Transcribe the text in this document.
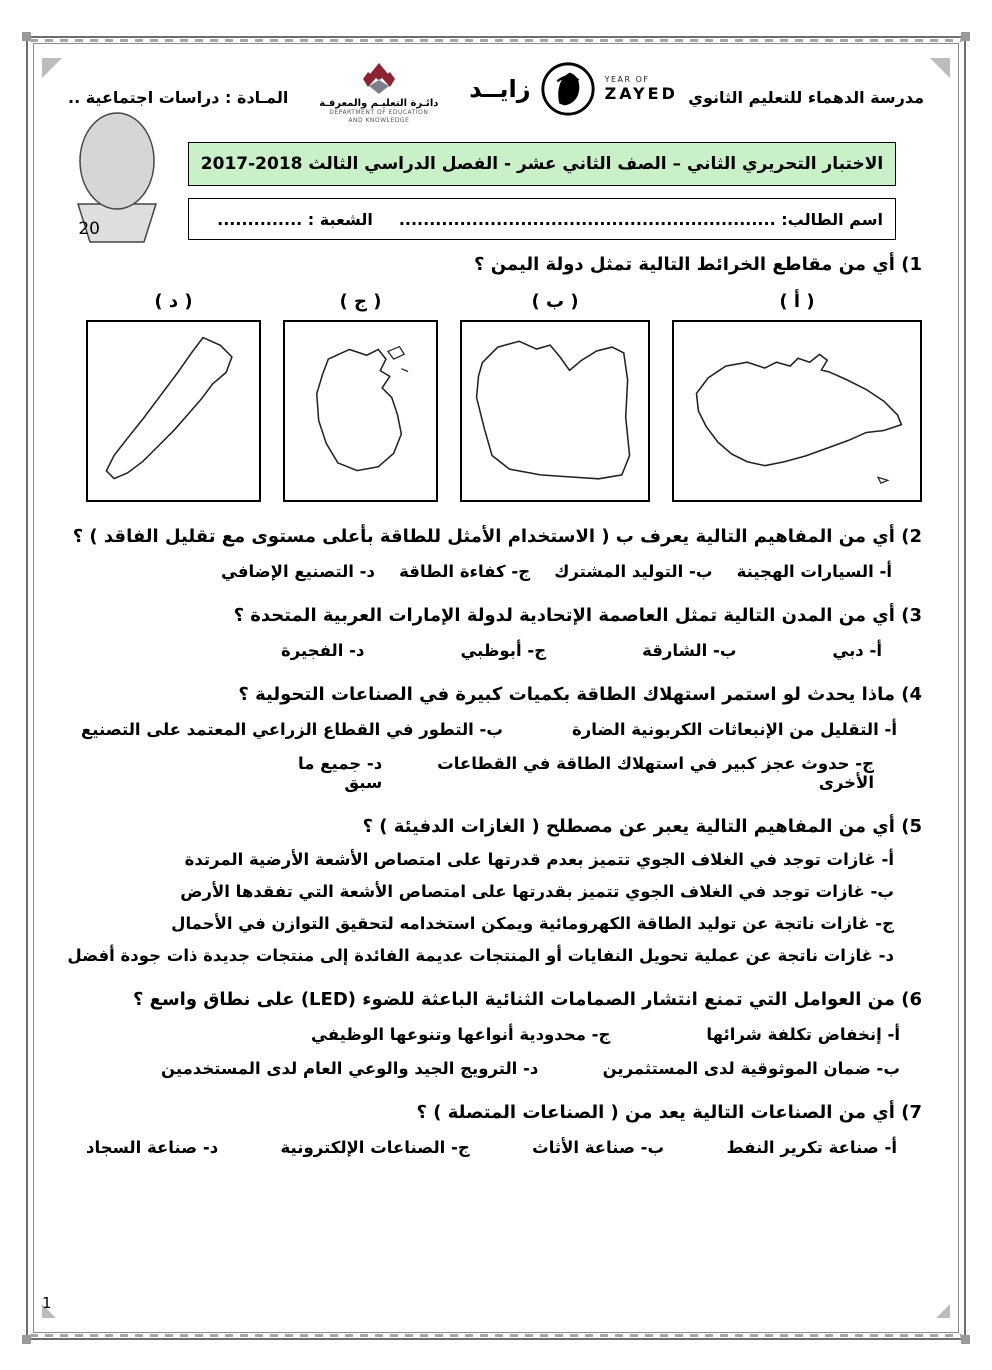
مدرسة الدهماء للتعليم الثانوي
زايــد	YEAR OF
ZAYED
دائـرة التعليـم والمعرفـة
DEPARTMENT OF EDUCATION
AND KNOWLEDGE
المـادة : دراسات اجتماعية ..
20
الاختبار التحريري الثاني – الصف الثاني عشر - الفصل الدراسي الثالث 2018-2017
اسم الطالب: ..............................................................
الشعبة : ..............
1) أي من مقاطع الخرائط التالية تمثل دولة اليمن ؟
( أ )
( ب )
( ج )
( د )
2) أي من المفاهيم التالية يعرف ب ( الاستخدام الأمثل للطاقة بأعلى مستوى مع تقليل الفاقد ) ؟
أ- السيارات الهجينة
ب- التوليد المشترك
ج- كفاءة الطاقة
د- التصنيع الإضافي
3) أي من المدن التالية تمثل العاصمة الإتحادية لدولة الإمارات العربية المتحدة ؟
أ- دبي
ب- الشارقة
ج- أبوظبي
د- الفجيرة
4) ماذا يحدث لو استمر استهلاك الطاقة بكميات كبيرة في الصناعات التحولية ؟
أ- التقليل من الإنبعاثات الكربونية الضارة
ب- التطور في القطاع الزراعي المعتمد على التصنيع
ج- حدوث عجز كبير في استهلاك الطاقة في القطاعات الأخرى
د- جميع ما سبق
5) أي من المفاهيم التالية يعبر عن مصطلح ( الغازات الدفيئة ) ؟
أ- غازات توجد في الغلاف الجوي تتميز بعدم قدرتها على امتصاص الأشعة الأرضية المرتدة
ب- غازات توجد في الغلاف الجوي تتميز بقدرتها على امتصاص الأشعة التي تفقدها الأرض
ج- غازات ناتجة عن توليد الطاقة الكهرومائية ويمكن استخدامه لتحقيق التوازن في الأحمال
د- غازات ناتجة عن عملية تحويل النفايات أو المنتجات عديمة الفائدة إلى منتجات جديدة ذات جودة أفضل
6) من العوامل التي تمنع انتشار الصمامات الثنائية الباعثة للضوء (LED) على نطاق واسع ؟
أ- إنخفاض تكلفة شرائها
ج- محدودية أنواعها وتنوعها الوظيفي
ب- ضمان الموثوقية لدى المستثمرين
د- الترويج الجيد والوعي العام لدى المستخدمين
7) أي من الصناعات التالية يعد من ( الصناعات المتصلة ) ؟
أ- صناعة تكرير النفط
ب- صناعة الأثاث
ج- الصناعات الإلكترونية
د- صناعة السجاد
1
